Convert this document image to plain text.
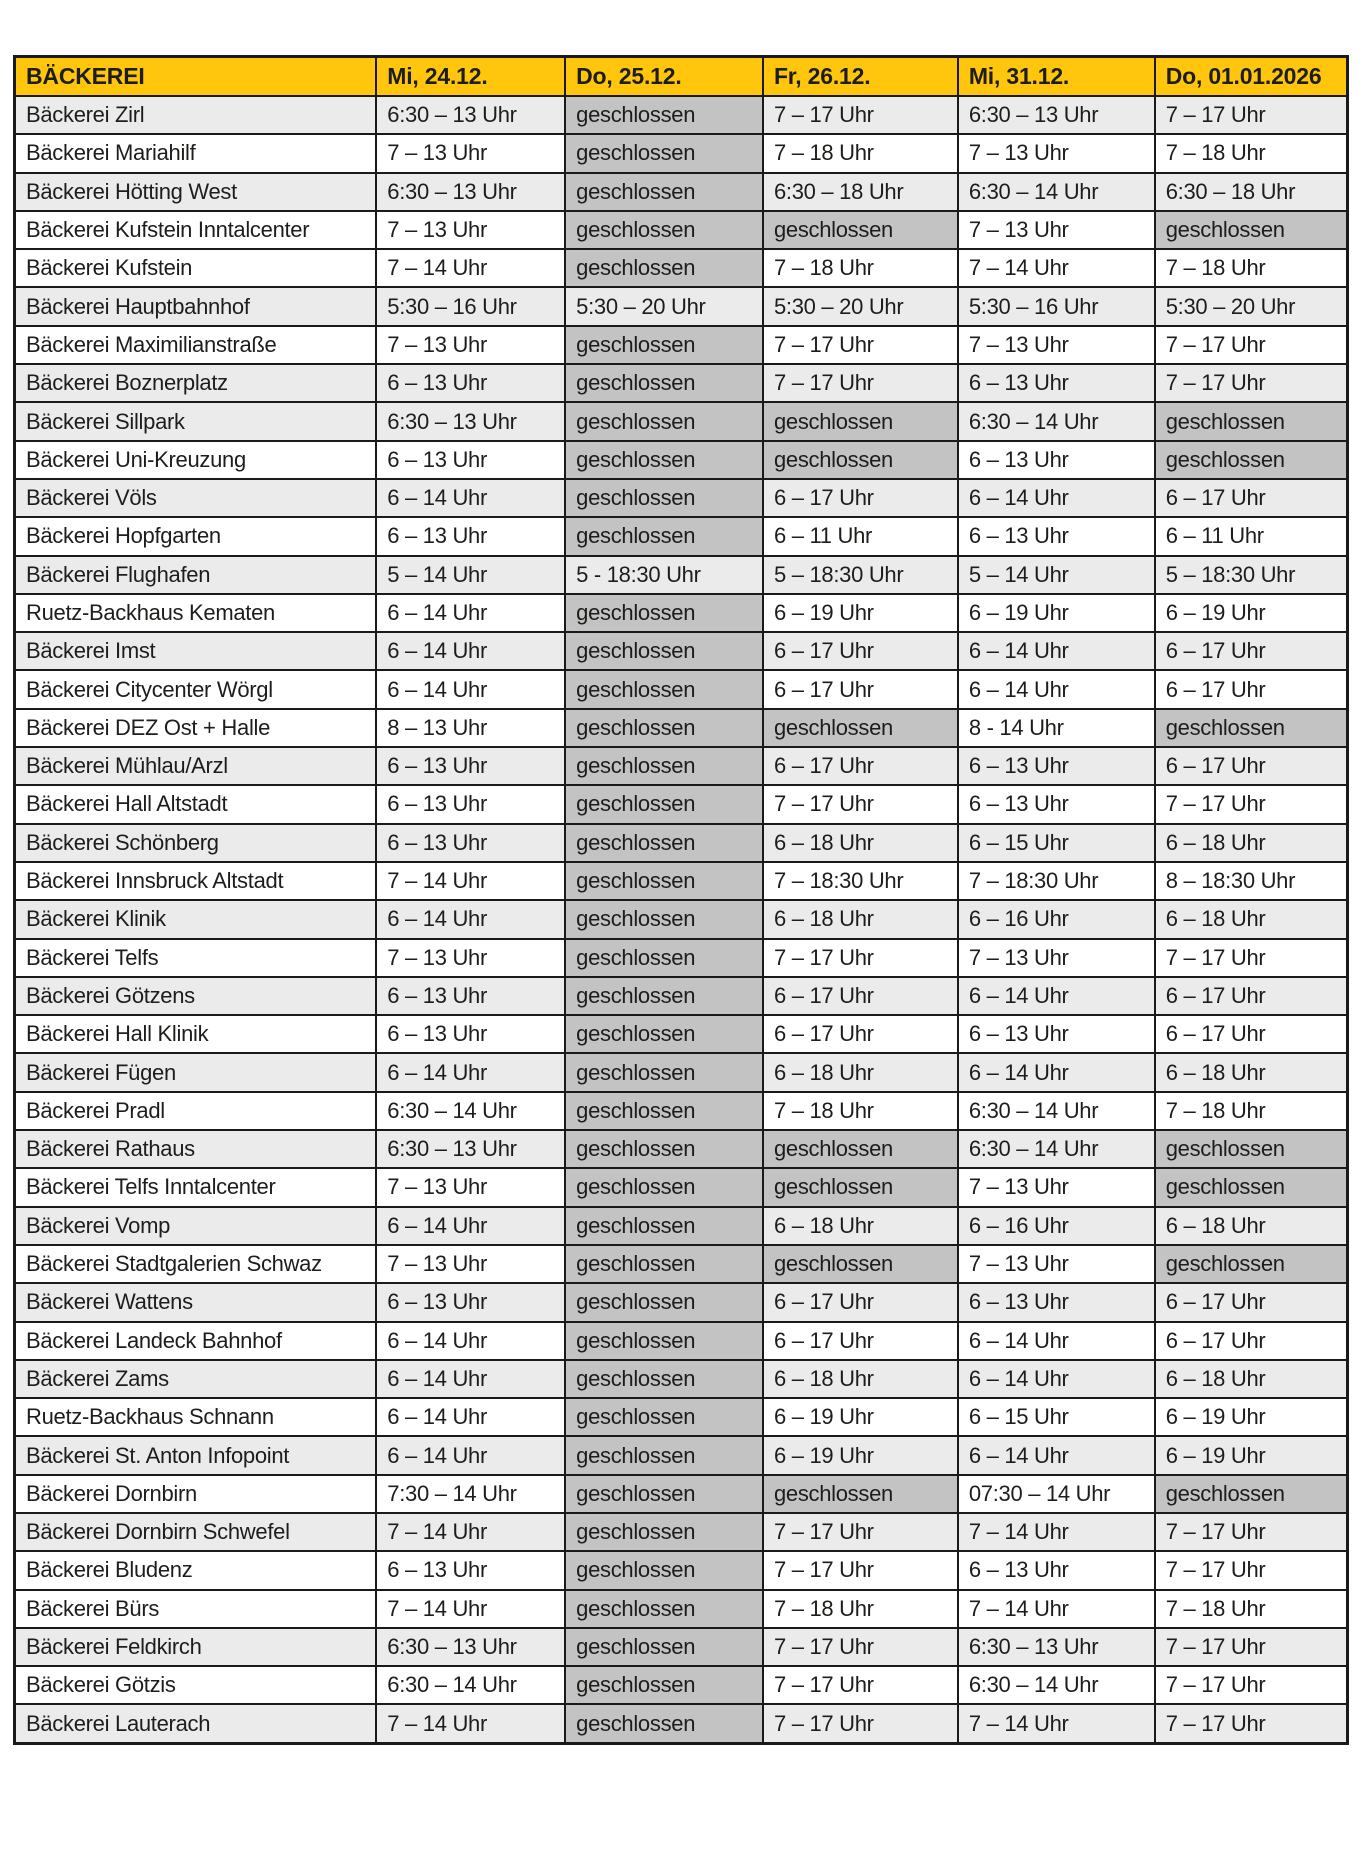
BÄCKEREI	Mi, 24.12.	Do, 25.12.	Fr, 26.12.	Mi, 31.12.	Do, 01.01.2026
Bäckerei Zirl	6:30 – 13 Uhr	geschlossen	7 – 17 Uhr	6:30 – 13 Uhr	7 – 17 Uhr
Bäckerei Mariahilf	7 – 13 Uhr	geschlossen	7 – 18 Uhr	7 – 13 Uhr	7 – 18 Uhr
Bäckerei Hötting West	6:30 – 13 Uhr	geschlossen	6:30 – 18 Uhr	6:30 – 14 Uhr	6:30 – 18 Uhr
Bäckerei Kufstein Inntalcenter	7 – 13 Uhr	geschlossen	geschlossen	7 – 13 Uhr	geschlossen
Bäckerei Kufstein	7 – 14 Uhr	geschlossen	7 – 18 Uhr	7 – 14 Uhr	7 – 18 Uhr
Bäckerei Hauptbahnhof	5:30 – 16 Uhr	5:30 – 20 Uhr	5:30 – 20 Uhr	5:30 – 16 Uhr	5:30 – 20 Uhr
Bäckerei Maximilianstraße	7 – 13 Uhr	geschlossen	7 – 17 Uhr	7 – 13 Uhr	7 – 17 Uhr
Bäckerei Boznerplatz	6 – 13 Uhr	geschlossen	7 – 17 Uhr	6 – 13 Uhr	7 – 17 Uhr
Bäckerei Sillpark	6:30 – 13 Uhr	geschlossen	geschlossen	6:30 – 14 Uhr	geschlossen
Bäckerei Uni-Kreuzung	6 – 13 Uhr	geschlossen	geschlossen	6 – 13 Uhr	geschlossen
Bäckerei Völs	6 – 14 Uhr	geschlossen	6 – 17 Uhr	6 – 14 Uhr	6 – 17 Uhr
Bäckerei Hopfgarten	6 – 13 Uhr	geschlossen	6 – 11 Uhr	6 – 13 Uhr	6 – 11 Uhr
Bäckerei Flughafen	5 – 14 Uhr	5 - 18:30 Uhr	5 – 18:30 Uhr	5 – 14 Uhr	5 – 18:30 Uhr
Ruetz-Backhaus Kematen	6 – 14 Uhr	geschlossen	6 – 19 Uhr	6 – 19 Uhr	6 – 19 Uhr
Bäckerei Imst	6 – 14 Uhr	geschlossen	6 – 17 Uhr	6 – 14 Uhr	6 – 17 Uhr
Bäckerei Citycenter Wörgl	6 – 14 Uhr	geschlossen	6 – 17 Uhr	6 – 14 Uhr	6 – 17 Uhr
Bäckerei DEZ Ost + Halle	8 – 13 Uhr	geschlossen	geschlossen	8 - 14 Uhr	geschlossen
Bäckerei Mühlau/Arzl	6 – 13 Uhr	geschlossen	6 – 17 Uhr	6 – 13 Uhr	6 – 17 Uhr
Bäckerei Hall Altstadt	6 – 13 Uhr	geschlossen	7 – 17 Uhr	6 – 13 Uhr	7 – 17 Uhr
Bäckerei Schönberg	6 – 13 Uhr	geschlossen	6 – 18 Uhr	6 – 15 Uhr	6 – 18 Uhr
Bäckerei Innsbruck Altstadt	7 – 14 Uhr	geschlossen	7 – 18:30 Uhr	7 – 18:30 Uhr	8 – 18:30 Uhr
Bäckerei Klinik	6 – 14 Uhr	geschlossen	6 – 18 Uhr	6 – 16 Uhr	6 – 18 Uhr
Bäckerei Telfs	7 – 13 Uhr	geschlossen	7 – 17 Uhr	7 – 13 Uhr	7 – 17 Uhr
Bäckerei Götzens	6 – 13 Uhr	geschlossen	6 – 17 Uhr	6 – 14 Uhr	6 – 17 Uhr
Bäckerei Hall Klinik	6 – 13 Uhr	geschlossen	6 – 17 Uhr	6 – 13 Uhr	6 – 17 Uhr
Bäckerei Fügen	6 – 14 Uhr	geschlossen	6 – 18 Uhr	6 – 14 Uhr	6 – 18 Uhr
Bäckerei Pradl	6:30 – 14 Uhr	geschlossen	7 – 18 Uhr	6:30 – 14 Uhr	7 – 18 Uhr
Bäckerei Rathaus	6:30 – 13 Uhr	geschlossen	geschlossen	6:30 – 14 Uhr	geschlossen
Bäckerei Telfs Inntalcenter	7 – 13 Uhr	geschlossen	geschlossen	7 – 13 Uhr	geschlossen
Bäckerei Vomp	6 – 14 Uhr	geschlossen	6 – 18 Uhr	6 – 16 Uhr	6 – 18 Uhr
Bäckerei Stadtgalerien Schwaz	7 – 13 Uhr	geschlossen	geschlossen	7 – 13 Uhr	geschlossen
Bäckerei Wattens	6 – 13 Uhr	geschlossen	6 – 17 Uhr	6 – 13 Uhr	6 – 17 Uhr
Bäckerei Landeck Bahnhof	6 – 14 Uhr	geschlossen	6 – 17 Uhr	6 – 14 Uhr	6 – 17 Uhr
Bäckerei Zams	6 – 14 Uhr	geschlossen	6 – 18 Uhr	6 – 14 Uhr	6 – 18 Uhr
Ruetz-Backhaus Schnann	6 – 14 Uhr	geschlossen	6 – 19 Uhr	6 – 15 Uhr	6 – 19 Uhr
Bäckerei St. Anton Infopoint	6 – 14 Uhr	geschlossen	6 – 19 Uhr	6 – 14 Uhr	6 – 19 Uhr
Bäckerei Dornbirn	7:30 – 14 Uhr	geschlossen	geschlossen	07:30 – 14 Uhr	geschlossen
Bäckerei Dornbirn Schwefel	7 – 14 Uhr	geschlossen	7 – 17 Uhr	7 – 14 Uhr	7 – 17 Uhr
Bäckerei Bludenz	6 – 13 Uhr	geschlossen	7 – 17 Uhr	6 – 13 Uhr	7 – 17 Uhr
Bäckerei Bürs	7 – 14 Uhr	geschlossen	7 – 18 Uhr	7 – 14 Uhr	7 – 18 Uhr
Bäckerei Feldkirch	6:30 – 13 Uhr	geschlossen	7 – 17 Uhr	6:30 – 13 Uhr	7 – 17 Uhr
Bäckerei Götzis	6:30 – 14 Uhr	geschlossen	7 – 17 Uhr	6:30 – 14 Uhr	7 – 17 Uhr
Bäckerei Lauterach	7 – 14 Uhr	geschlossen	7 – 17 Uhr	7 – 14 Uhr	7 – 17 Uhr
